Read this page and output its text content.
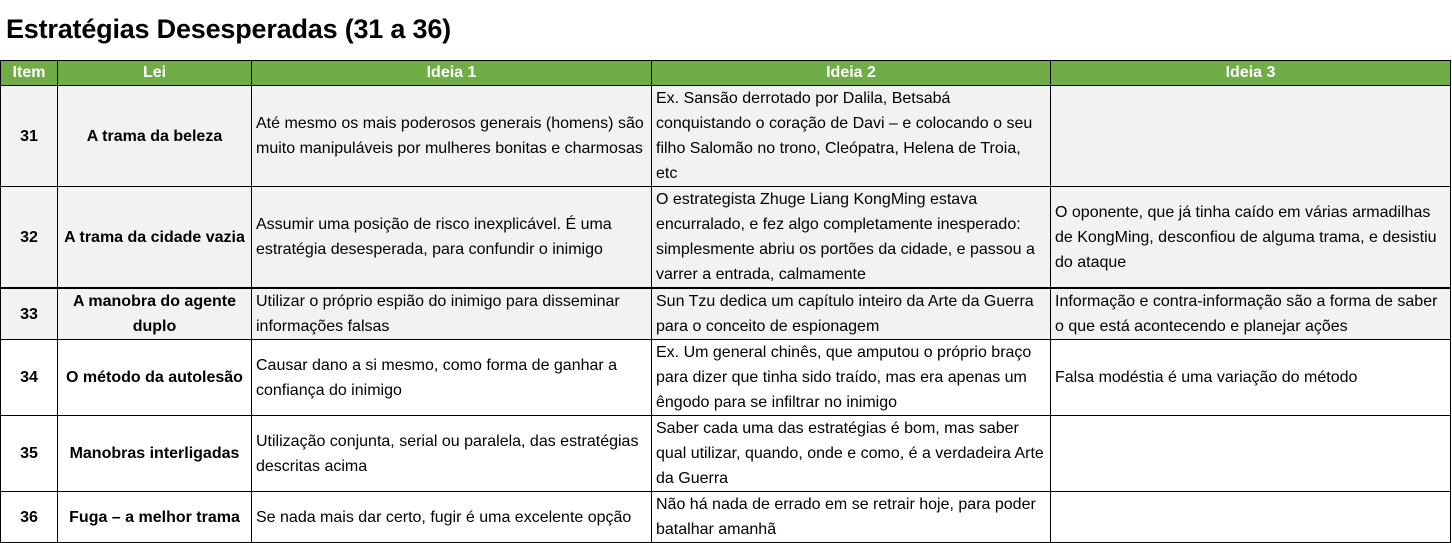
Estratégias Desesperadas (31 a 36)
Item	Lei	Ideia 1	Ideia 2	Ideia 3
31	A trama da beleza	Até mesmo os mais poderosos generais (homens) são muito manipuláveis por mulheres bonitas e charmosas	Ex. Sansão derrotado por Dalila, Betsabá conquistando o coração de Davi – e colocando o seu filho Salomão no trono, Cleópatra, Helena de Troia, etc	
32	A trama da cidade vazia	Assumir uma posição de risco inexplicável. É uma estratégia desesperada, para confundir o inimigo	O estrategista Zhuge Liang KongMing estava encurralado, e fez algo completamente inesperado: simplesmente abriu os portões da cidade, e passou a varrer a entrada, calmamente	O oponente, que já tinha caído em várias armadilhas de KongMing, desconfiou de alguma trama, e desistiu do ataque
33	A manobra do agente duplo	Utilizar o próprio espião do inimigo para disseminar informações falsas	Sun Tzu dedica um capítulo inteiro da Arte da Guerra para o conceito de espionagem	Informação e contra-informação são a forma de saber o que está acontecendo e planejar ações
34	O método da autolesão	Causar dano a si mesmo, como forma de ganhar a confiança do inimigo	Ex. Um general chinês, que amputou o próprio braço para dizer que tinha sido traído, mas era apenas um êngodo para se infiltrar no inimigo	Falsa modéstia é uma variação do método
35	Manobras interligadas	Utilização conjunta, serial ou paralela, das estratégias descritas acima	Saber cada uma das estratégias é bom, mas saber qual utilizar, quando, onde e como, é a verdadeira Arte da Guerra	
36	Fuga – a melhor trama	Se nada mais dar certo, fugir é uma excelente opção	Não há nada de errado em se retrair hoje, para poder batalhar amanhã	
